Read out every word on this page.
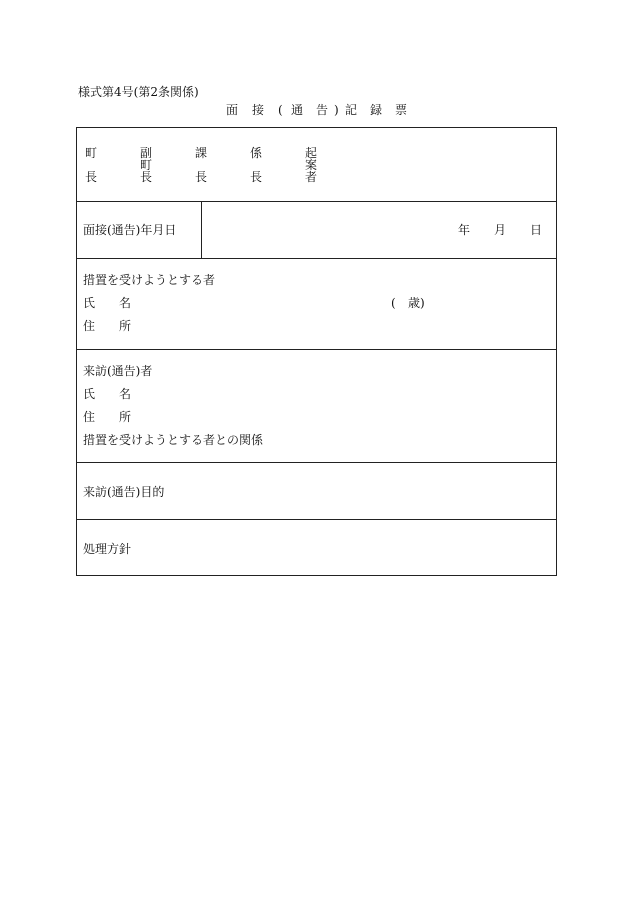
様式第4号(第2条関係)
面 接 ( 通 告 ) 記 録 票
町
長
副
町
長
課
長
係
長
起
案
者
面接(通告)年月日	年 月 日
措置を受けようとする者
氏 名	( 歳)
住 所
来訪(通告)者
氏 名
住 所
措置を受けようとする者との関係
来訪(通告)目的
処理方針
